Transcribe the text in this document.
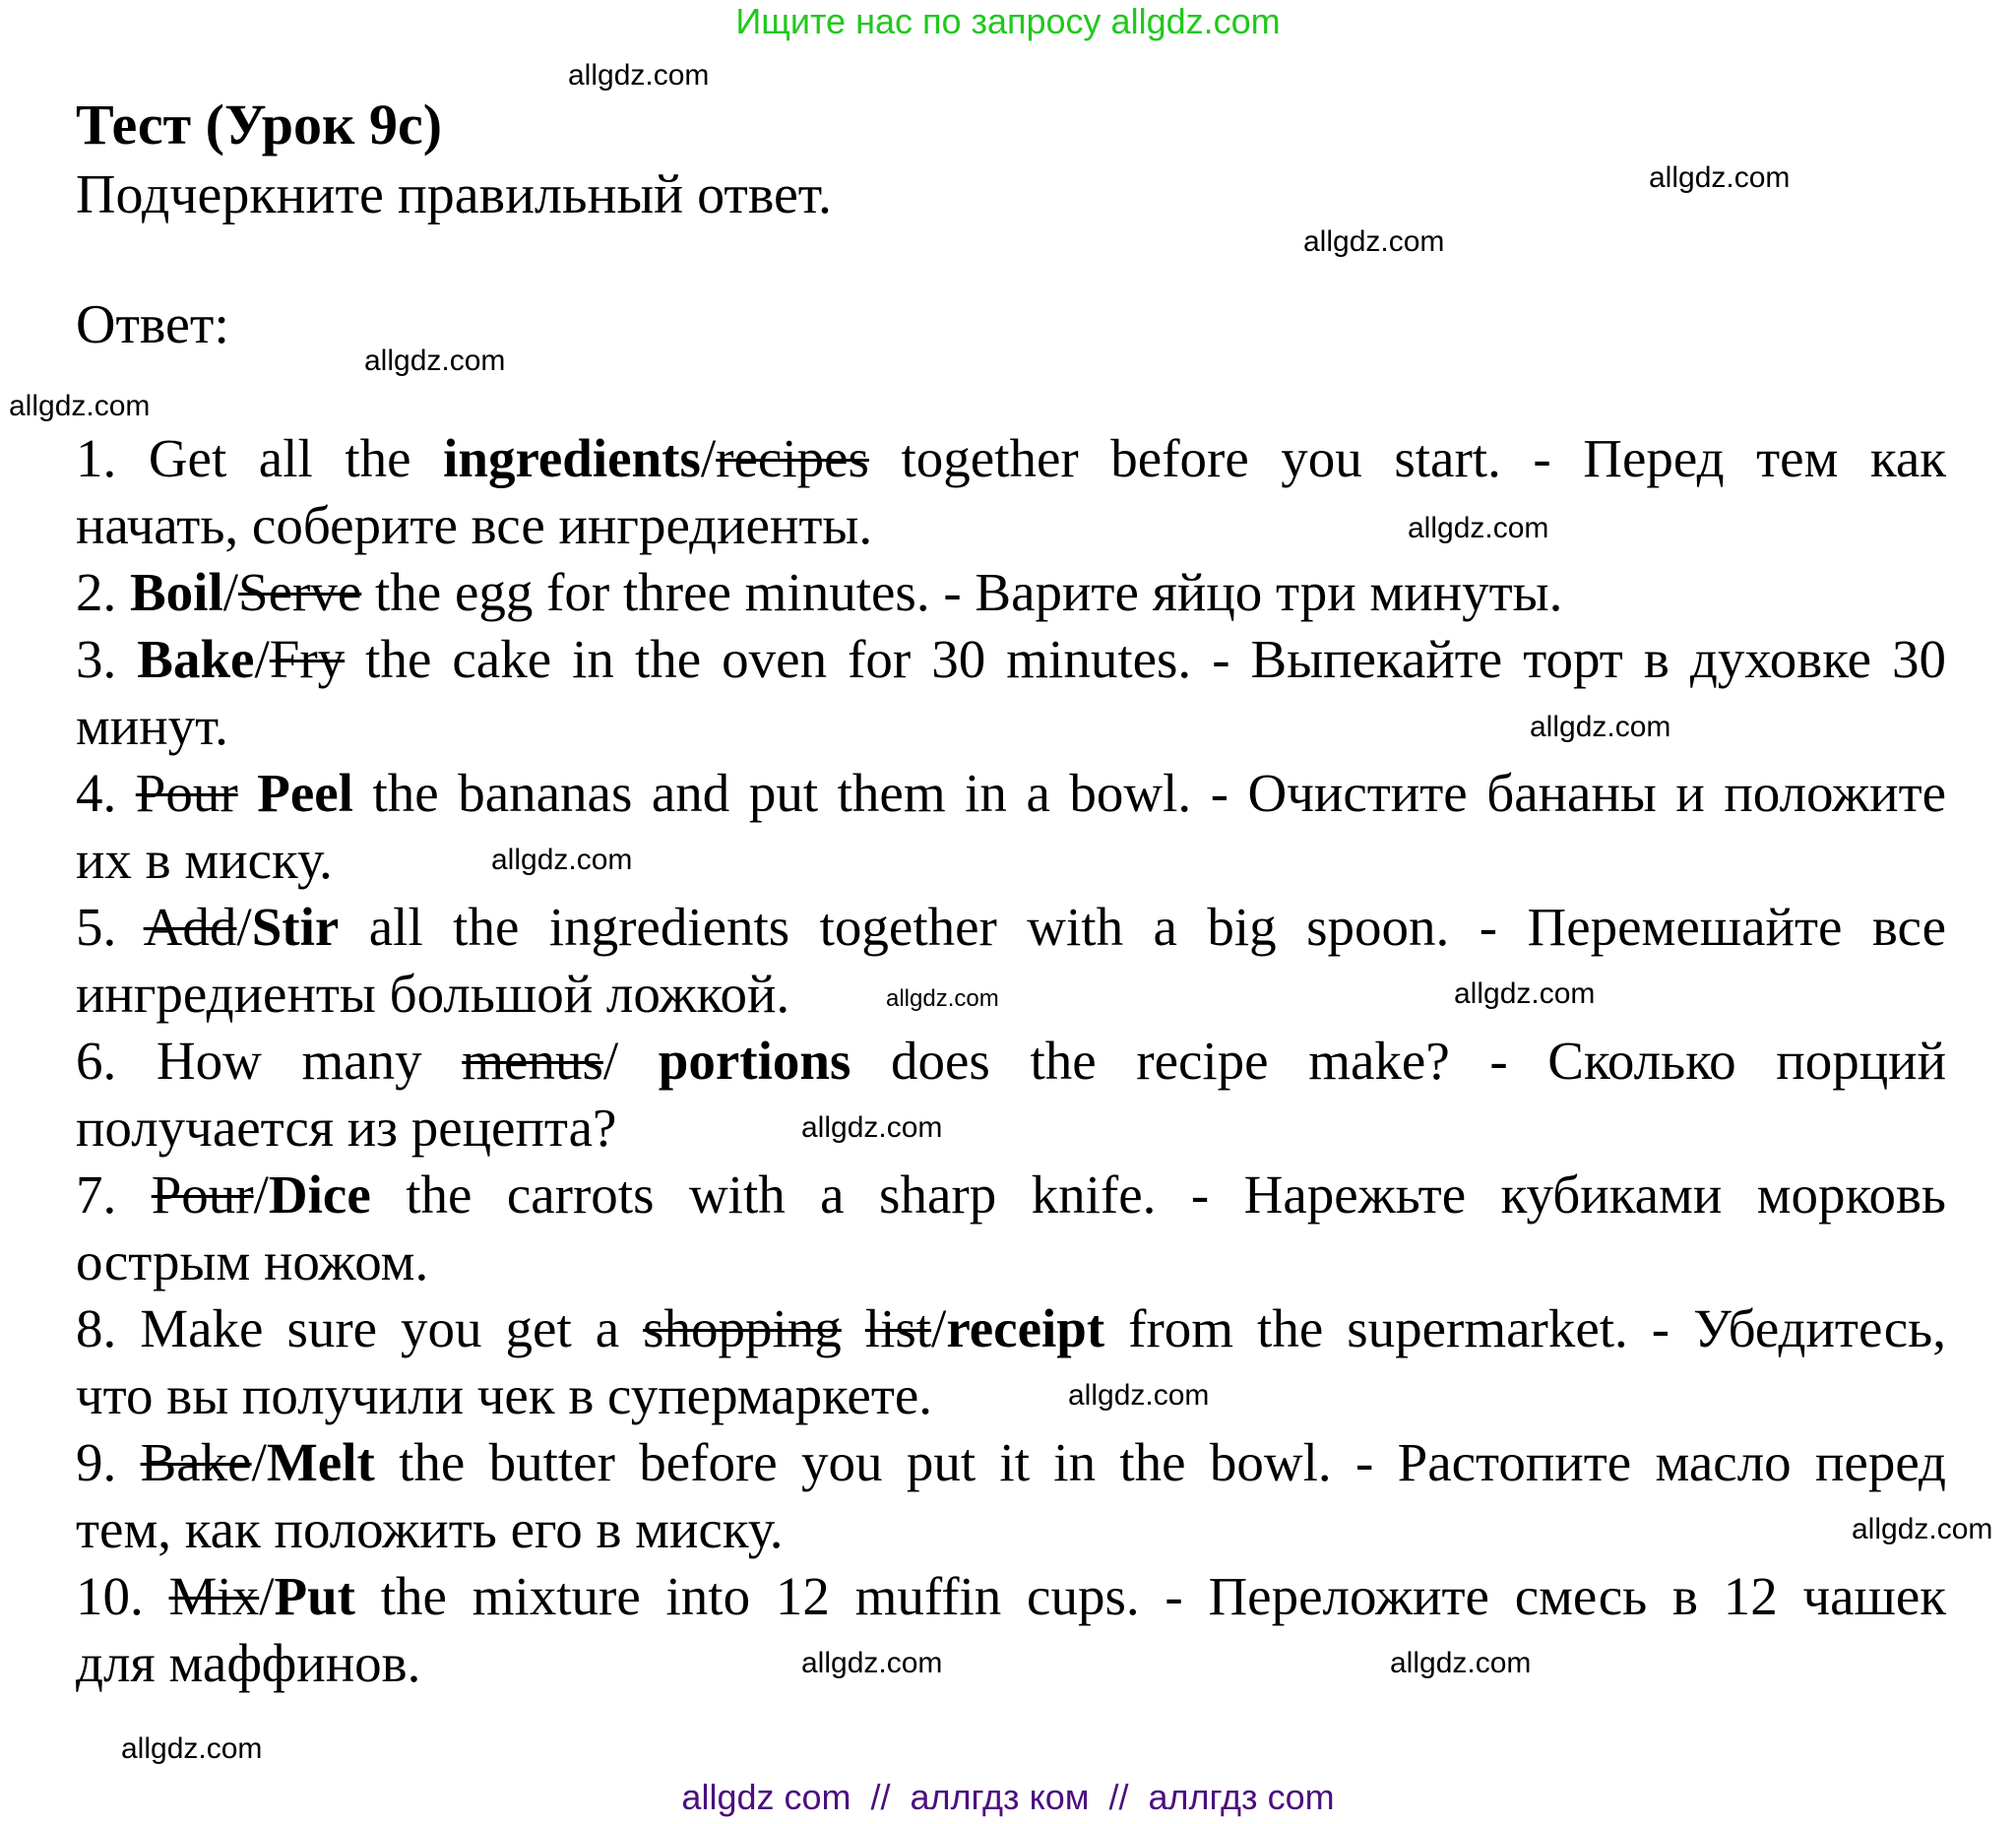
Ищите нас по запросу allgdz.com
Тест (Урок 9с)
Подчеркните правильный ответ.
Ответ:
1. Get all the ingredients/recipes together before you start. - Перед тем как
начать, соберите все ингредиенты.
2. Boil/Serve the egg for three minutes. - Варите яйцо три минуты.
3. Bake/Fry the cake in the oven for 30 minutes. - Выпекайте торт в духовке 30
минут.
4. Pour Peel the bananas and put them in a bowl. - Очистите бананы и положите
их в миску.
5. Add/Stir all the ingredients together with a big spoon. - Перемешайте все
ингредиенты большой ложкой.
6. How many menus/ portions does the recipe make? - Сколько порций
получается из рецепта?
7. Pour/Dice the carrots with a sharp knife. - Нарежьте кубиками морковь
острым ножом.
8. Make sure you get a shopping list/receipt from the supermarket. - Убедитесь,
что вы получили чек в супермаркете.
9. Bake/Melt the butter before you put it in the bowl. - Растопите масло перед
тем, как положить его в миску.
10. Mix/Put the mixture into 12 muffin cups. - Переложите смесь в 12 чашек
для маффинов.
allgdz.com
allgdz.com
allgdz.com
allgdz.com
allgdz.com
allgdz.com
allgdz.com
allgdz.com
allgdz.com	allgdz.com
allgdz.com
allgdz.com
allgdz.com
allgdz.com	allgdz.com
allgdz.com
allgdz com  //  аллгдз ком  //  аллгдз com
